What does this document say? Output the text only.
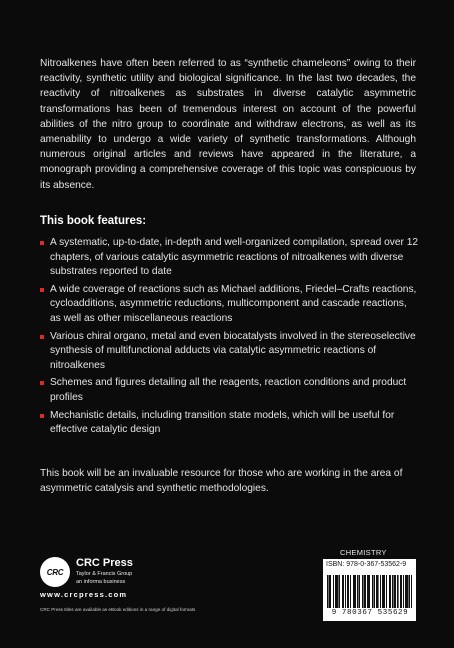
Nitroalkenes have often been referred to as “synthetic chameleons” owing to their reactivity, synthetic utility and biological significance. In the last two decades, the reactivity of nitroalkenes as substrates in diverse catalytic asymmetric transformations has been of tremendous interest on account of the powerful abilities of the nitro group to coordinate and withdraw electrons, as well as its amenability to undergo a wide variety of synthetic transformations. Although numerous original articles and reviews have appeared in the literature, a monograph providing a comprehensive coverage of this topic was conspicuous by its absence.

This book features:

A systematic, up-to-date, in-depth and well-organized compilation, spread over 12 chapters, of various catalytic asymmetric reactions of nitroalkenes with diverse substrates reported to date
A wide coverage of reactions such as Michael additions, Friedel–Crafts reactions, cycloadditions, asymmetric reductions, multicomponent and cascade reactions, as well as other miscellaneous reactions
Various chiral organo, metal and even biocatalysts involved in the stereoselective synthesis of multifunctional adducts via catalytic asymmetric reactions of nitroalkenes
Schemes and figures detailing all the reagents, reaction conditions and product profiles
Mechanistic details, including transition state models, which will be useful for effective catalytic design

This book will be an invaluable resource for those who are working in the area of asymmetric catalysis and synthetic methodologies.

CRC
CRC Press
Taylor & Francis Group
an informa business
www.crcpress.com
CRC Press titles are available as eBook editions in a range of digital formats
CHEMISTRY
ISBN: 978-0-367-53562-9
9 780367 535629
